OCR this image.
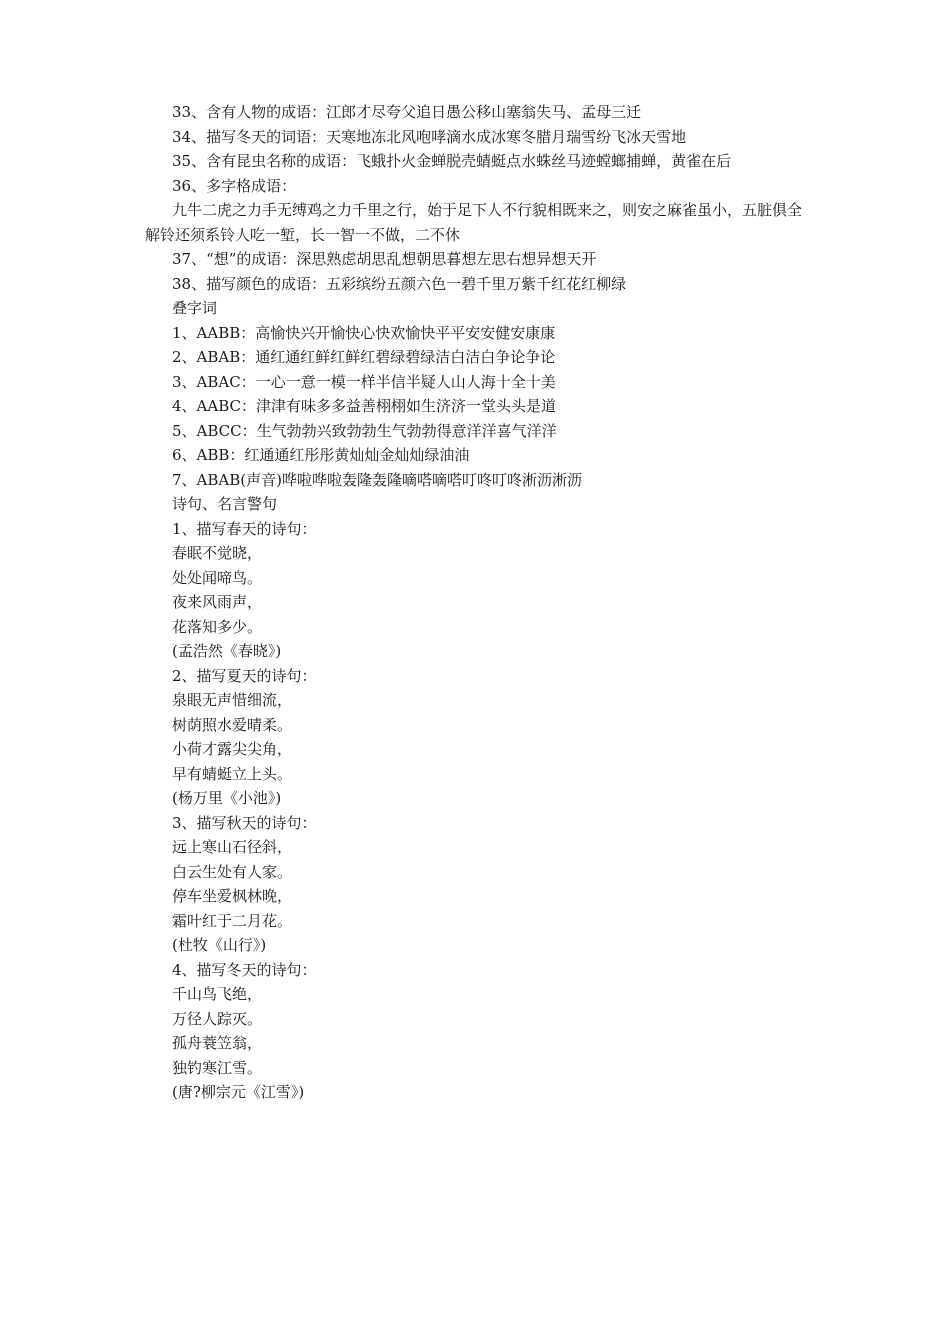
33、含有人物的成语：江郎才尽夸父追日愚公移山塞翁失马、孟母三迁

34、描写冬天的词语：天寒地冻北风咆哮滴水成冰寒冬腊月瑞雪纷飞冰天雪地

35、含有昆虫名称的成语：飞蛾扑火金蝉脱壳蜻蜓点水蛛丝马迹螳螂捕蝉，黄雀在后

36、多字格成语：

九牛二虎之力手无缚鸡之力千里之行，始于足下人不行貌相既来之，则安之麻雀虽小，五脏俱全解铃还须系铃人吃一堑，长一智一不做，二不休

37、“想”的成语：深思熟虑胡思乱想朝思暮想左思右想异想天开

38、描写颜色的成语：五彩缤纷五颜六色一碧千里万紫千红花红柳绿

叠字词

1、AABB：高愉快兴开愉快心快欢愉快平平安安健安康康

2、ABAB：通红通红鲜红鲜红碧绿碧绿洁白洁白争论争论

3、ABAC：一心一意一模一样半信半疑人山人海十全十美

4、AABC：津津有味多多益善栩栩如生济济一堂头头是道

5、ABCC：生气勃勃兴致勃勃生气勃勃得意洋洋喜气洋洋

6、ABB：红通通红彤彤黄灿灿金灿灿绿油油

7、ABAB(声音)哗啦哗啦轰隆轰隆嘀嗒嘀嗒叮咚叮咚淅沥淅沥

诗句、名言警句

1、描写春天的诗句：

春眠不觉晓，

处处闻啼鸟。

夜来风雨声，

花落知多少。

(孟浩然《春晓》)

2、描写夏天的诗句：

泉眼无声惜细流，

树荫照水爱晴柔。

小荷才露尖尖角，

早有蜻蜓立上头。

(杨万里《小池》)

3、描写秋天的诗句：

远上寒山石径斜，

白云生处有人家。

停车坐爱枫林晚，

霜叶红于二月花。

(杜牧《山行》)

4、描写冬天的诗句：

千山鸟飞绝，

万径人踪灭。

孤舟蓑笠翁，

独钓寒江雪。

(唐?柳宗元《江雪》)
